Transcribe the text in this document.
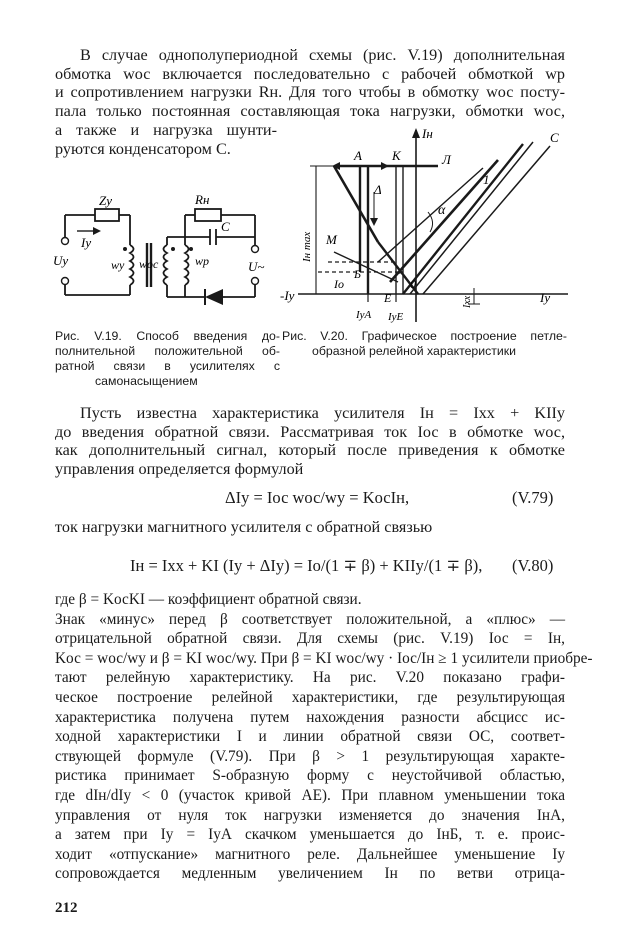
В случае однополупериодной схемы (рис. V.19) дополнительная

обмотка wос включается последовательно с рабочей обмоткой wр

и сопротивлением нагрузки Rн. Для того чтобы в обмотку wос посту-

пала только постоянная составляющая тока нагрузки, обмотки wос,

а также и нагрузка шунти-

руются конденсатором С.

Zу
Iу
Uу	wу wос
Rн
C
wр	U~
Рис. V.19. Способ введения до-
полнительной положительной об-
ратной связи в усилителях с
самонасыщением
Iн
А К	Л
C
1
Δ
α
М
Iн max
Б
Iо	0
E	Iхх
-Iу	Iу
IуА IуЕ
Рис. V.20. Графическое построение петле-
образной релейной характеристики

Пусть известна характеристика усилителя Iн = Iхх + KIIу

до введения обратной связи. Рассматривая ток Iос в обмотке wос,

как дополнительный сигнал, который после приведения к обмотке

управления определяется формулой

ΔIу = Iос wос/wу = KосIн,	(V.79)

ток нагрузки магнитного усилителя с обратной связью

Iн = Iхх + KI (Iу + ΔIу) = Iо/(1 ∓ β) + KIIу/(1 ∓ β), (V.80)

где β = KосKI — коэффициент обратной связи.

Знак «минус» перед β соответствует положительной, а «плюс» —

отрицательной обратной связи. Для схемы (рис. V.19) Iос = Iн,

Kос = wос/wу и β = KI wос/wу. При β = KI wос/wу · Iос/Iн ≥ 1 усилители приобре-

тают релейную характеристику. На рис. V.20 показано графи-

ческое построение релейной характеристики, где результирующая

характеристика получена путем нахождения разности абсцисс ис-

ходной характеристики I и линии обратной связи ОС, соответ-

ствующей формуле (V.79). При β > 1 результирующая характе-

ристика принимает S-образную форму с неустойчивой областью,

где dIн/dIу < 0 (участок кривой AE). При плавном уменьшении тока

управления от нуля ток нагрузки изменяется до значения IнА,

а затем при Iу = IуА скачком уменьшается до IнБ, т. е. проис-

ходит «отпускание» магнитного реле. Дальнейшее уменьшение Iу

сопровождается медленным увеличением Iн по ветви отрица-

212
